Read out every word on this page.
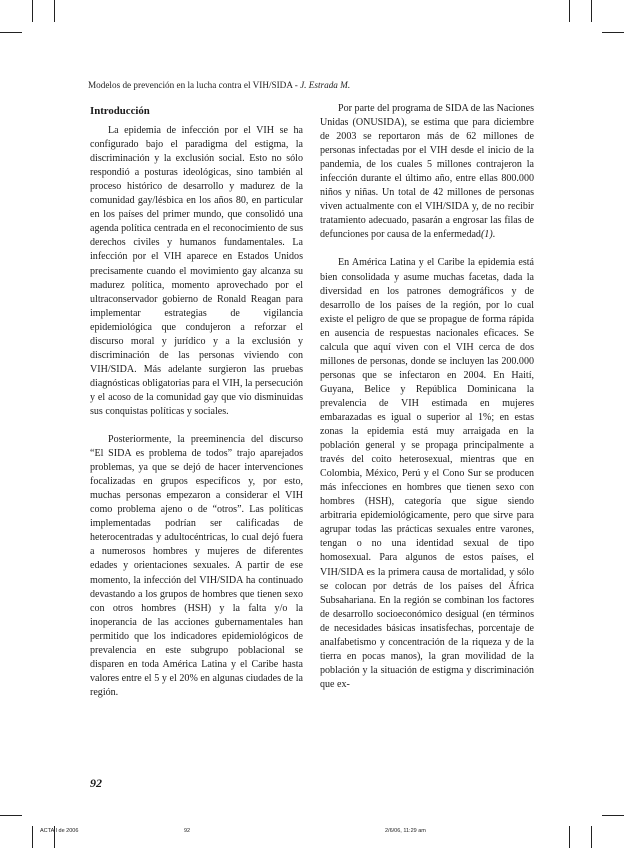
Modelos de prevención en la lucha contra el VIH/SIDA - J. Estrada M.
Introducción

La epidemia de infección por el VIH se ha configurado bajo el paradigma del estigma, la discriminación y la exclusión social. Esto no sólo respondió a posturas ideológicas, sino también al proceso histórico de desarrollo y madurez de la comunidad gay/lésbica en los años 80, en particular en los países del primer mundo, que consolidó una agenda política centrada en el reconocimiento de sus derechos civiles y humanos fundamentales. La infección por el VIH aparece en Estados Unidos precisamente cuando el movimiento gay alcanza su madurez política, momento aprovechado por el ultraconservador gobierno de Ronald Reagan para implementar estrategias de vigilancia epidemiológica que condujeron a reforzar el discurso moral y jurídico y a la exclusión y discriminación de las personas viviendo con VIH/SIDA. Más adelante surgieron las pruebas diagnósticas obligatorias para el VIH, la persecución y el acoso de la comunidad gay que vio disminuidas sus conquistas políticas y sociales.

Posteriormente, la preeminencia del discurso “El SIDA es problema de todos” trajo aparejados problemas, ya que se dejó de hacer intervenciones focalizadas en grupos específicos y, por esto, muchas personas empezaron a considerar el VIH como problema ajeno o de “otros”. Las políticas implementadas podrían ser calificadas de heterocentradas y adultocéntricas, lo cual dejó fuera a numerosos hombres y mujeres de diferentes edades y orientaciones sexuales. A partir de ese momento, la infección del VIH/SIDA ha continuado devastando a los grupos de hombres que tienen sexo con otros hombres (HSH) y la falta y/o la inoperancia de las acciones gubernamentales han permitido que los indicadores epidemiológicos de prevalencia en este subgrupo poblacional se disparen en toda América Latina y el Caribe hasta valores entre el 5 y el 20% en algunas ciudades de la región.

Por parte del programa de SIDA de las Naciones Unidas (ONUSIDA), se estima que para diciembre de 2003 se reportaron más de 62 millones de personas infectadas por el VIH desde el inicio de la pandemia, de los cuales 5 millones contrajeron la infección durante el último año, entre ellas 800.000 niños y niñas. Un total de 42 millones de personas viven actualmente con el VIH/SIDA y, de no recibir tratamiento adecuado, pasarán a engrosar las filas de defunciones por causa de la enfermedad(1).

En América Latina y el Caribe la epidemia está bien consolidada y asume muchas facetas, dada la diversidad en los patrones demográficos y de desarrollo de los países de la región, por lo cual existe el peligro de que se propague de forma rápida en ausencia de respuestas nacionales eficaces. Se calcula que aquí viven con el VIH cerca de dos millones de personas, donde se incluyen las 200.000 personas que se infectaron en 2004. En Haití, Guyana, Belice y República Dominicana la prevalencia de VIH estimada en mujeres embarazadas es igual o superior al 1%; en estas zonas la epidemia está muy arraigada en la población general y se propaga principalmente a través del coito heterosexual, mientras que en Colombia, México, Perú y el Cono Sur se producen más infecciones en hombres que tienen sexo con hombres (HSH), categoría que sigue siendo arbitraria epidemiológicamente, pero que sirve para agrupar todas las prácticas sexuales entre varones, tengan o no una identidad sexual de tipo homosexual. Para algunos de estos países, el VIH/SIDA es la primera causa de mortalidad, y sólo se colocan por detrás de los países del África Subsahariana. En la región se combinan los factores de desarrollo socioeconómico desigual (en términos de necesidades básicas insatisfechas, porcentaje de analfabetismo y concentración de la riqueza y de la tierra en pocas manos), la gran movilidad de la población y la situación de estigma y discriminación que ex-

92
ACTA I de 2006	92	2/6/06, 11:29 am
